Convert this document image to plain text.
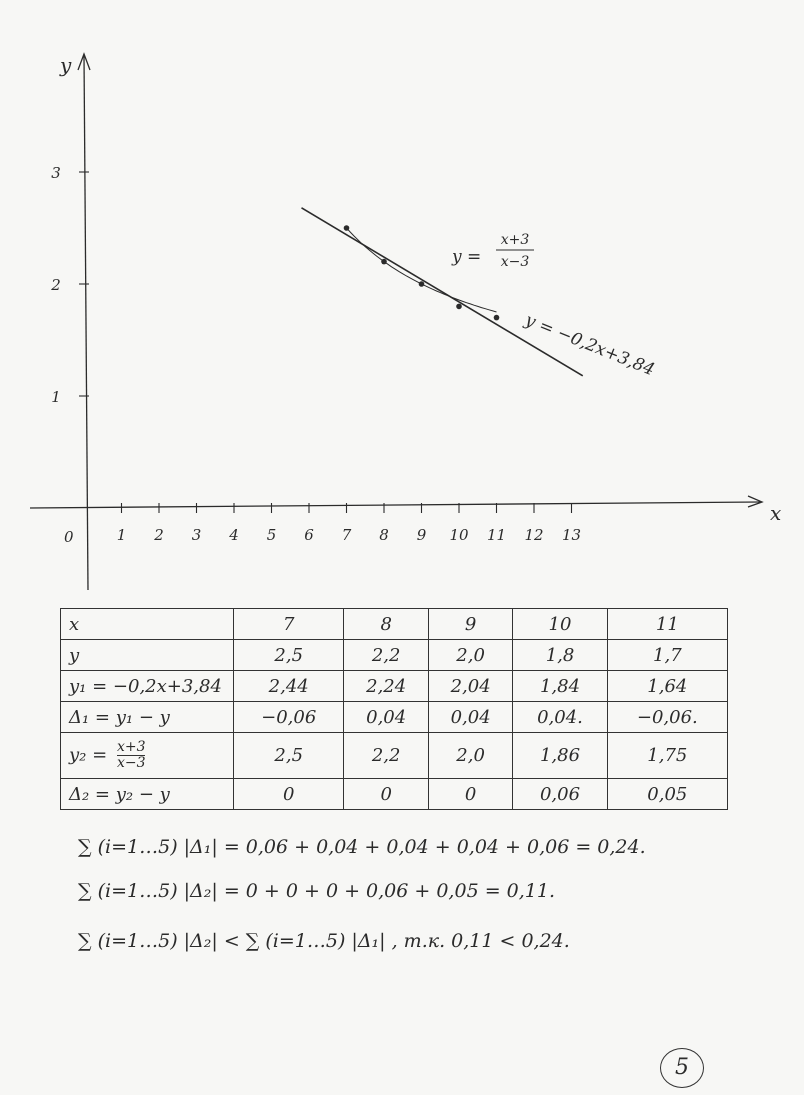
1 2 3 4 5 6 7 8 9 10 11 12 13
1
2
3
x
y
0
y = −0,2x+3,84
y =
x+3
x−3
x	7	8	9	10	11
y	2,5	2,2	2,0	1,8	1,7
y₁ = −0,2x+3,84	2,44	2,24	2,04	1,84	1,64
Δ₁ = y₁ − y	−0,06	0,04	0,04	0,04.	−0,06.
$y_2 = \frac{x+3}{x-3}$	2,5	2,2	2,0	1,86	1,75
Δ₂ = y₂ − y	0	0	0	0,06	0,05
∑ (i=1…5) |Δ₁| = 0,06 + 0,04 + 0,04 + 0,04 + 0,06 = 0,24.
∑ (i=1…5) |Δ₂| = 0 + 0 + 0 + 0,06 + 0,05 = 0,11.
∑ (i=1…5) |Δ₂| < ∑ (i=1…5) |Δ₁| , т.к. 0,11 < 0,24.
5
